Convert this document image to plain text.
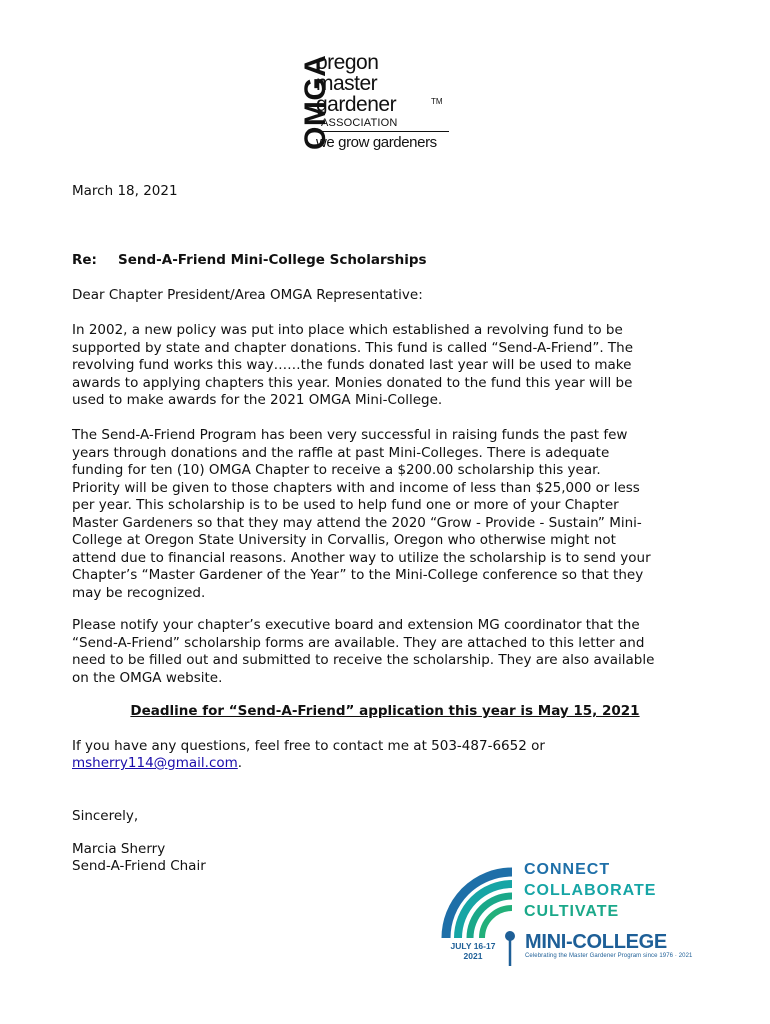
OMGA
oregon
master
gardener	TM
ASSOCIATION
we grow gardeners
March 18, 2021
Re: Send-A-Friend Mini-College Scholarships
Dear Chapter President/Area OMGA Representative:
In 2002, a new policy was put into place which established a revolving fund to be
supported by state and chapter donations. This fund is called “Send-A-Friend”. The
revolving fund works this way……the funds donated last year will be used to make
awards to applying chapters this year. Monies donated to the fund this year will be
used to make awards for the 2021 OMGA Mini-College.
The Send-A-Friend Program has been very successful in raising funds the past few
years through donations and the raffle at past Mini-Colleges. There is adequate
funding for ten (10) OMGA Chapter to receive a $200.00 scholarship this year.
Priority will be given to those chapters with and income of less than $25,000 or less
per year. This scholarship is to be used to help fund one or more of your Chapter
Master Gardeners so that they may attend the 2020 “Grow - Provide - Sustain” Mini-
College at Oregon State University in Corvallis, Oregon who otherwise might not
attend due to financial reasons. Another way to utilize the scholarship is to send your
Chapter’s “Master Gardener of the Year” to the Mini-College conference so that they
may be recognized.
Please notify your chapter’s executive board and extension MG coordinator that the
“Send-A-Friend” scholarship forms are available. They are attached to this letter and
need to be filled out and submitted to receive the scholarship. They are also available
on the OMGA website.
Deadline for “Send-A-Friend” application this year is May 15, 2021
If you have any questions, feel free to contact me at 503-487-6652 or
msherry114@gmail.com.
Sincerely,
Marcia Sherry
Send-A-Friend Chair	CONNECT
COLLABORATE
CULTIVATE
MINI-COLLEGE
JULY 16-17
2021	Celebrating the Master Gardener Program since 1976 · 2021
